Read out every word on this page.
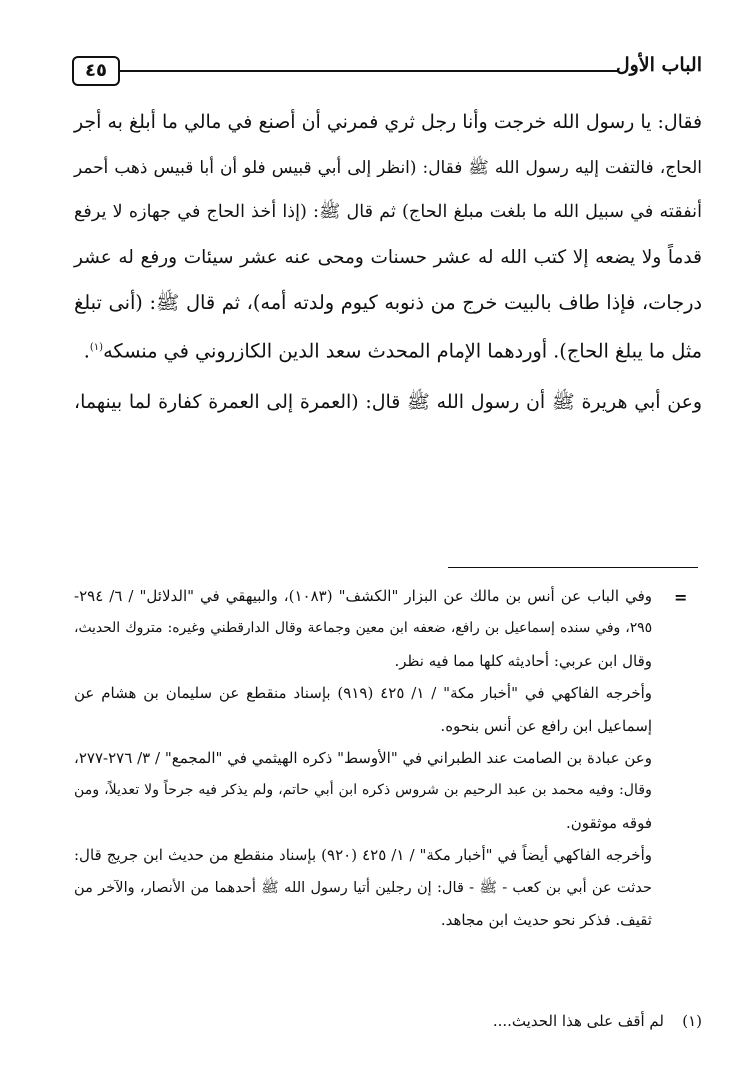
٤٥	الباب الأول
فقال: يا رسول الله خرجت وأنا رجل ثري فمرني أن أصنع في مالي ما أبلغ به أجر
الحاج، فالتفت إليه رسول الله ﷺ فقال: (انظر إلى أبي قبيس فلو أن أبا قبيس ذهب أحمر
أنفقته في سبيل الله ما بلغت مبلغ الحاج) ثم قال ﷺ: (إذا أخذ الحاج في جهازه لا يرفع
قدماً ولا يضعه إلا كتب الله له عشر حسنات ومحى عنه عشر سيئات ورفع له عشر
درجات، فإذا طاف بالبيت خرج من ذنوبه كيوم ولدته أمه)، ثم قال ﷺ: (أنى تبلغ
مثل ما يبلغ الحاج). أوردهما الإمام المحدث سعد الدين الكازروني في منسكه$^{(١)}$.
وعن أبي هريرة ﷺ أن رسول الله ﷺ قال: (العمرة إلى العمرة كفارة لما بينهما،
=
وفي الباب عن أنس بن مالك عن البزار "الكشف" (١٠٨٣)، والبيهقي في "الدلائل" / ٦/ ٢٩٤-
٢٩٥، وفي سنده إسماعيل بن رافع، ضعفه ابن معين وجماعة وقال الدارقطني وغيره: متروك الحديث،
وقال ابن عربي: أحاديثه كلها مما فيه نظر.
وأخرجه الفاكهي في "أخبار مكة" / ١/ ٤٢٥ (٩١٩) بإسناد منقطع عن سليمان بن هشام عن
إسماعيل ابن رافع عن أنس بنحوه.
وعن عبادة بن الصامت عند الطبراني في "الأوسط" ذكره الهيثمي في "المجمع" / ٣/ ٢٧٦-٢٧٧،
وقال: وفيه محمد بن عبد الرحيم بن شروس ذكره ابن أبي حاتم، ولم يذكر فيه جرحاً ولا تعديلاً، ومن
فوقه موثقون.
وأخرجه الفاكهي أيضاً في "أخبار مكة" / ١/ ٤٢٥ (٩٢٠) بإسناد منقطع من حديث ابن جريج قال:
حدثت عن أبي بن كعب - ﷺ - قال: إن رجلين أتيا رسول الله ﷺ أحدهما من الأنصار، والآخر من
ثقيف. فذكر نحو حديث ابن مجاهد.
(١)لم أقف على هذا الحديث....
